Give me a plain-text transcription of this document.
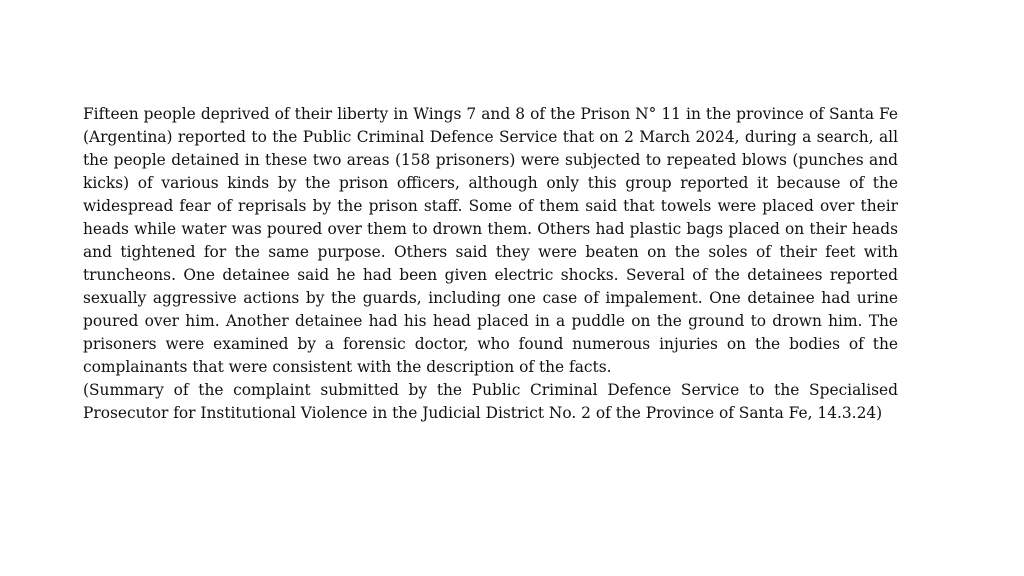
Fifteen people deprived of their liberty in Wings 7 and 8 of the Prison N° 11 in the province of Santa Fe (Argentina) reported to the Public Criminal Defence Service that on 2 March 2024, during a search, all the people detained in these two areas (158 prisoners) were subjected to repeated blows (punches and kicks) of various kinds by the prison officers, although only this group reported it because of the widespread fear of reprisals by the prison staff. Some of them said that towels were placed over their heads while water was poured over them to drown them. Others had plastic bags placed on their heads and tightened for the same purpose. Others said they were beaten on the soles of their feet with truncheons. One detainee said he had been given electric shocks. Several of the detainees reported sexually aggressive actions by the guards, including one case of impalement. One detainee had urine poured over him. Another detainee had his head placed in a puddle on the ground to drown him. The prisoners were examined by a forensic doctor, who found numerous injuries on the bodies of the complainants that were consistent with the description of the facts.

(Summary of the complaint submitted by the Public Criminal Defence Service to the Specialised Prosecutor for Institutional Violence in the Judicial District No. 2 of the Province of Santa Fe, 14.3.24)
